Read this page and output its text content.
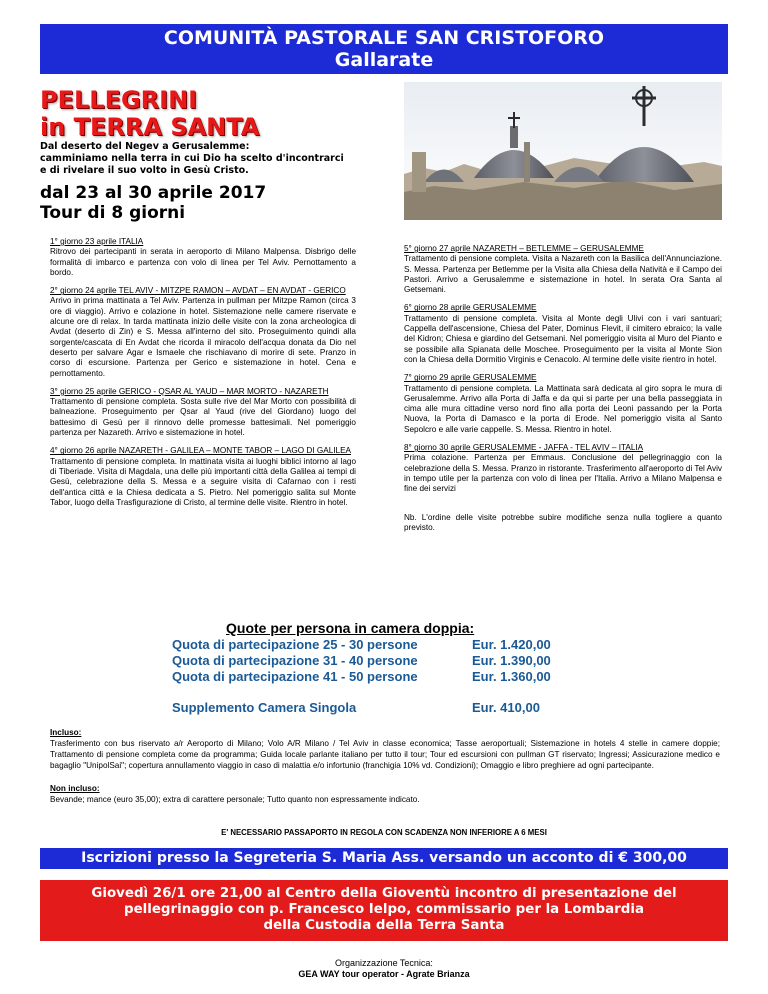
COMUNITÀ PASTORALE SAN CRISTOFORO
Gallarate
PELLEGRINI
in TERRA SANTA
Dal deserto del Negev a Gerusalemme:
camminiamo nella terra in cui Dio ha scelto d'incontrarci
e di rivelare il suo volto in Gesù Cristo.
dal 23 al 30 aprile 2017
Tour di 8 giorni
1° giorno 23 aprile ITALIA
Ritrovo dei partecipanti in serata in aeroporto di Milano Malpensa. Disbrigo delle formalità di imbarco e partenza con volo di linea per Tel Aviv. Pernottamento a bordo.
2° giorno 24 aprile TEL AVIV - MITZPE RAMON – AVDAT – EN AVDAT - GERICO
Arrivo in prima mattinata a Tel Aviv. Partenza in pullman per Mitzpe Ramon (circa 3 ore di viaggio). Arrivo e colazione in hotel. Sistemazione nelle camere riservate e alcune ore di relax. In tarda mattinata inizio delle visite con la zona archeologica di Avdat (deserto di Zin) e S. Messa all'interno del sito. Proseguimento quindi alla sorgente/cascata di En Avdat che ricorda il miracolo dell'acqua donata da Dio nel deserto per salvare Agar e Ismaele che rischiavano di morire di sete. Pranzo in corso di escursione. Partenza per Gerico e sistemazione in hotel. Cena e pernottamento.
3° giorno 25 aprile GERICO - QSAR AL YAUD – MAR MORTO - NAZARETH
Trattamento di pensione completa. Sosta sulle rive del Mar Morto con possibilità di balneazione. Proseguimento per Qsar al Yaud (rive del Giordano) luogo del battesimo di Gesù per il rinnovo delle promesse battesimali. Nel pomeriggio partenza per Nazareth. Arrivo e sistemazione in hotel.
4° giorno 26 aprile NAZARETH - GALILEA – MONTE TABOR – LAGO DI GALILEA
Trattamento di pensione completa. In mattinata visita ai luoghi biblici intorno al lago di Tiberiade. Visita di Magdala, una delle più importanti città della Galilea ai tempi di Gesù, celebrazione della S. Messa e a seguire visita di Cafarnao con i resti dell'antica città e la Chiesa dedicata a S. Pietro. Nel pomeriggio salita sul Monte Tabor, luogo della Trasfigurazione di Cristo, al termine delle visite. Rientro in hotel.
5° giorno 27 aprile NAZARETH – BETLEMME – GERUSALEMME
Trattamento di pensione completa. Visita a Nazareth con la Basilica dell'Annunciazione. S. Messa. Partenza per Betlemme per la Visita alla Chiesa della Natività e il Campo dei Pastori. Arrivo a Gerusalemme e sistemazione in hotel. In serata Ora Santa al Getsemani.
6° giorno 28 aprile GERUSALEMME
Trattamento di pensione completa. Visita al Monte degli Ulivi con i vari santuari; Cappella dell'ascensione, Chiesa del Pater, Dominus Flevit, il cimitero ebraico; la valle del Kidron; Chiesa e giardino del Getsemani. Nel pomeriggio visita al Muro del Pianto e se possibile alla Spianata delle Moschee. Proseguimento per la visita al Monte Sion con la Chiesa della Dormitio Virginis e Cenacolo. Al termine delle visite rientro in hotel.
7° giorno 29 aprile GERUSALEMME
Trattamento di pensione completa. La Mattinata sarà dedicata al giro sopra le mura di Gerusalemme. Arrivo alla Porta di Jaffa e da qui si parte per una bella passeggiata in cima alle mura cittadine verso nord fino alla porta dei Leoni passando per la Porta Nuova, la Porta di Damasco e la porta di Erode. Nel pomeriggio visita al Santo Sepolcro e alle varie cappelle. S. Messa. Rientro in hotel.
8° giorno 30 aprile GERUSALEMME - JAFFA - TEL AVIV – ITALIA
Prima colazione. Partenza per Emmaus. Conclusione del pellegrinaggio con la celebrazione della S. Messa. Pranzo in ristorante. Trasferimento all'aeroporto di Tel Aviv in tempo utile per la partenza con volo di linea per l'Italia. Arrivo a Milano Malpensa e fine dei servizi
Nb. L'ordine delle visite potrebbe subire modifiche senza nulla togliere a quanto previsto.
Quote per persona in camera doppia:
Quota di partecipazione 25 - 30 persone	Eur. 1.420,00
Quota di partecipazione 31 - 40 persone	Eur. 1.390,00
Quota di partecipazione 41 - 50 persone	Eur. 1.360,00
Supplemento Camera Singola	Eur. 410,00
Incluso:
Trasferimento con bus riservato a/r Aeroporto di Milano; Volo A/R Milano / Tel Aviv in classe economica; Tasse aeroportuali; Sistemazione in hotels 4 stelle in camere doppie; Trattamento di pensione completa come da programma; Guida locale parlante italiano per tutto il tour; Tour ed escursioni con pullman GT riservato; Ingressi; Assicurazione medico e bagaglio "UnipolSai"; copertura annullamento viaggio in caso di malattia e/o infortunio (franchigia 10% vd. Condizioni); Omaggio e libro preghiere ad ogni partecipante.
Non incluso:
Bevande; mance (euro 35,00); extra di carattere personale; Tutto quanto non espressamente indicato.
E' NECESSARIO PASSAPORTO IN REGOLA CON SCADENZA NON INFERIORE A 6 MESI
Iscrizioni presso la Segreteria S. Maria Ass. versando un acconto di € 300,00
Giovedì 26/1 ore 21,00 al Centro della Gioventù incontro di presentazione del
pellegrinaggio con p. Francesco Ielpo, commissario per la Lombardia
della Custodia della Terra Santa
Organizzazione Tecnica:
GEA WAY tour operator - Agrate Brianza
